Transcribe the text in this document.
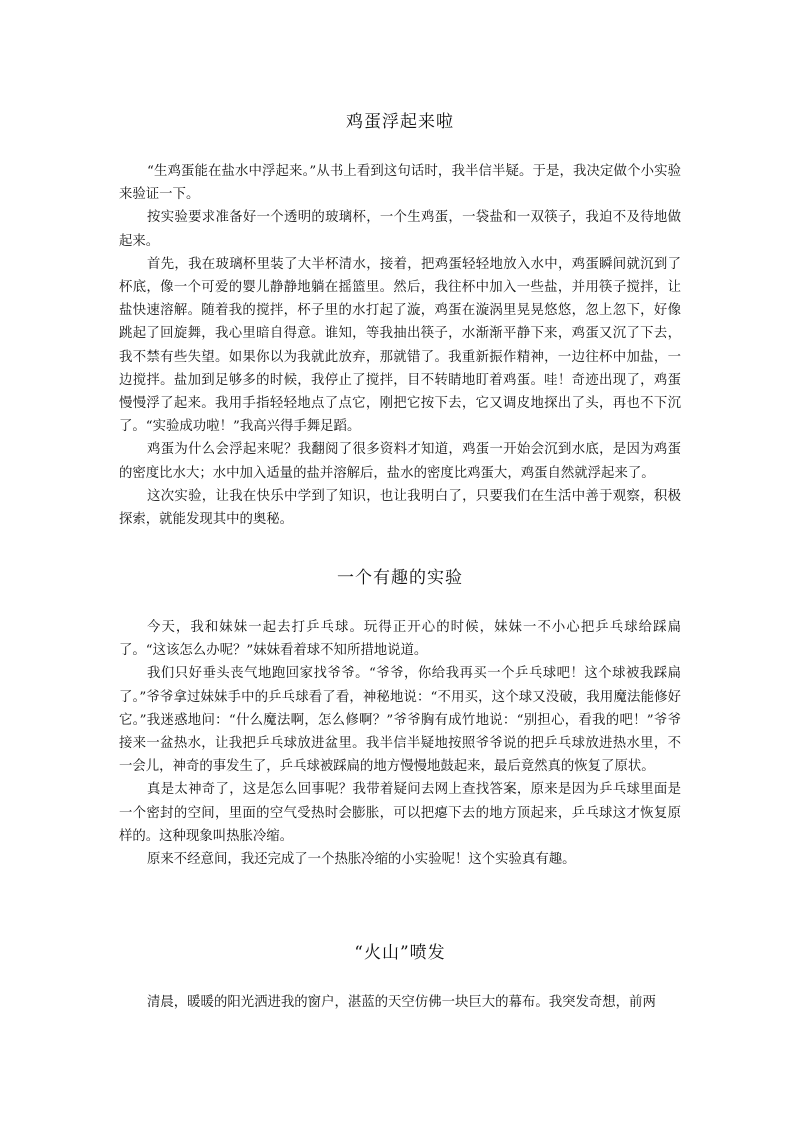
鸡蛋浮起来啦

“生鸡蛋能在盐水中浮起来。”从书上看到这句话时，我半信半疑。于是，我决定做个小实验来验证一下。

按实验要求准备好一个透明的玻璃杯，一个生鸡蛋，一袋盐和一双筷子，我迫不及待地做起来。

首先，我在玻璃杯里装了大半杯清水，接着，把鸡蛋轻轻地放入水中，鸡蛋瞬间就沉到了杯底，像一个可爱的婴儿静静地躺在摇篮里。然后，我往杯中加入一些盐，并用筷子搅拌，让盐快速溶解。随着我的搅拌，杯子里的水打起了漩，鸡蛋在漩涡里晃晃悠悠，忽上忽下，好像跳起了回旋舞，我心里暗自得意。谁知，等我抽出筷子，水渐渐平静下来，鸡蛋又沉了下去，我不禁有些失望。如果你以为我就此放弃，那就错了。我重新振作精神，一边往杯中加盐，一边搅拌。盐加到足够多的时候，我停止了搅拌，目不转睛地盯着鸡蛋。哇！奇迹出现了，鸡蛋慢慢浮了起来。我用手指轻轻地点了点它，刚把它按下去，它又调皮地探出了头，再也不下沉了。“实验成功啦！”我高兴得手舞足蹈。

鸡蛋为什么会浮起来呢？我翻阅了很多资料才知道，鸡蛋一开始会沉到水底，是因为鸡蛋的密度比水大；水中加入适量的盐并溶解后，盐水的密度比鸡蛋大，鸡蛋自然就浮起来了。

这次实验，让我在快乐中学到了知识，也让我明白了，只要我们在生活中善于观察，积极探索，就能发现其中的奥秘。

一个有趣的实验

今天，我和妹妹一起去打乒乓球。玩得正开心的时候，妹妹一不小心把乒乓球给踩扁了。“这该怎么办呢？”妹妹看着球不知所措地说道。

我们只好垂头丧气地跑回家找爷爷。“爷爷，你给我再买一个乒乓球吧！这个球被我踩扁了。”爷爷拿过妹妹手中的乒乓球看了看，神秘地说：“不用买，这个球又没破，我用魔法能修好它。”我迷惑地问：“什么魔法啊，怎么修啊？”爷爷胸有成竹地说：“别担心，看我的吧！”爷爷接来一盆热水，让我把乒乓球放进盆里。我半信半疑地按照爷爷说的把乒乓球放进热水里，不一会儿，神奇的事发生了，乒乓球被踩扁的地方慢慢地鼓起来，最后竟然真的恢复了原状。

真是太神奇了，这是怎么回事呢？我带着疑问去网上查找答案，原来是因为乒乓球里面是一个密封的空间，里面的空气受热时会膨胀，可以把瘪下去的地方顶起来，乒乓球这才恢复原样的。这种现象叫热胀冷缩。

原来不经意间，我还完成了一个热胀冷缩的小实验呢！这个实验真有趣。

“火山”喷发

清晨，暖暖的阳光洒进我的窗户，湛蓝的天空仿佛一块巨大的幕布。我突发奇想，前两
